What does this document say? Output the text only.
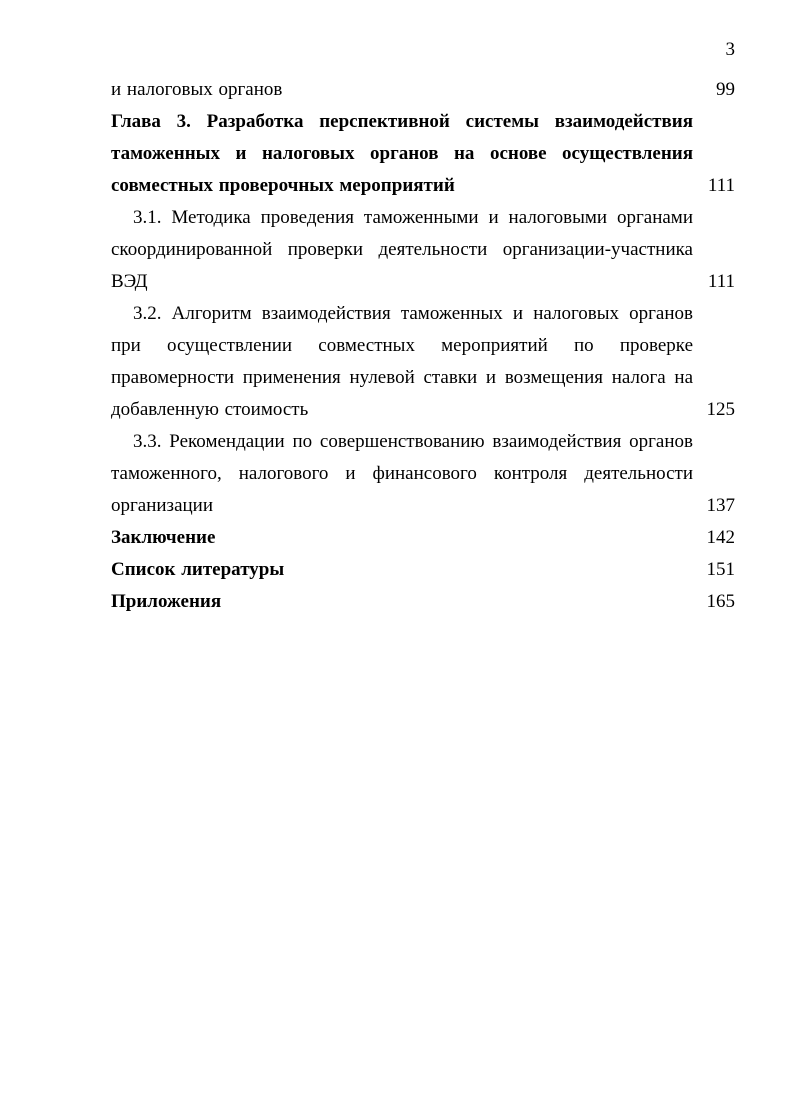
3
и налоговых органов	99
Глава 3. Разработка перспективной системы взаимодействия таможенных и налоговых органов на основе осуществления совместных проверочных мероприятий	111
3.1. Методика проведения таможенными и налоговыми органами скоординированной проверки деятельности организации-участника ВЭД	111
3.2. Алгоритм взаимодействия таможенных и налоговых органов при осуществлении совместных мероприятий по проверке правомерности применения нулевой ставки и возмещения налога на добавленную стоимость	125
3.3. Рекомендации по совершенствованию взаимодействия органов таможенного, налогового и финансового контроля деятельности организации	137
Заключение	142
Список литературы	151
Приложения	165
